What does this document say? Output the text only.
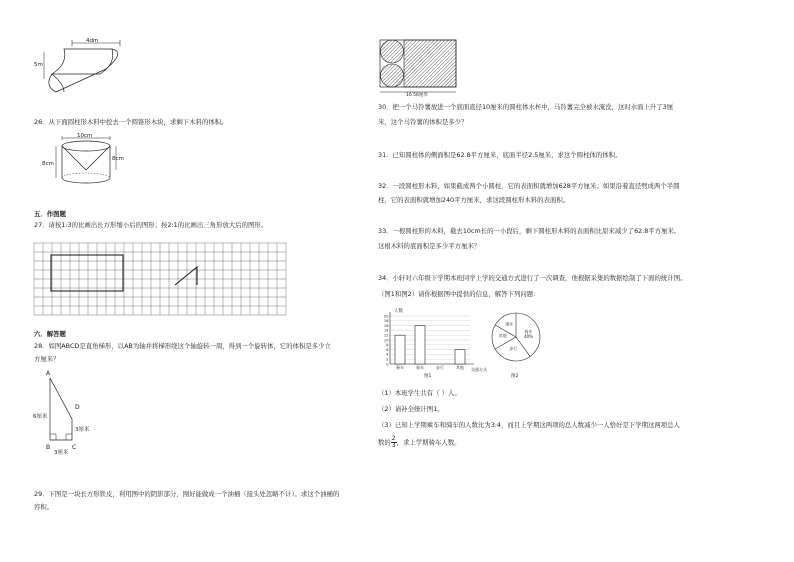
4dm
5m
26．从下面圆柱形木料中挖去一个圆锥形木块，求剩下木料的体积。
10cm
8cm
8cm
五．作图题
27．请按1:3的比画出长方形缩小后的图形；按2:1的比画出三角形放大后的图形。
六．解答题
28．如图ABCD是直角梯形，以AB为轴并将梯形绕这个轴旋转一周，得到一个旋转体，它的体积是多少立
方厘米？
A
B	C
D
6厘米
3厘米
3厘米
29．下图是一块长方形铁皮，利用图中的阴影部分，刚好能做成一个油桶（接头处忽略不计）。求这个油桶的
容积。
16.56厘米
30．把一个马铃薯放进一个底面直径10厘米的圆柱体水杯中，马铃薯完全被水淹没，这时水面上升了3厘
米，这个马铃薯的体积是多少？
31．已知圆柱体的侧面积是62.8平方厘米，底面半径2.5厘米，求这个圆柱体的体积。
32．一段圆柱形木料，如果截成两个小圆柱，它的表面积就增加628平方厘米；如果沿着直径劈成两个半圆
柱，它的表面积就增加240平方厘米，求这段圆柱形木料的表面积。
33．一根圆柱形的木料，截去10cm长的一小段后，剩下圆柱形木料的表面积比原来减少了62.8平方厘米。
这根木料的底面积是多少平方厘米？
34．小轩对六年级下学期本班同学上学的交通方式进行了一次调查，他根据采集的数据绘制了下面的统计图。
（图1和图2）请你根据图中提供的信息，解答下列问题：
0
2
4
6
8
10
12
14
16
18
20
乘车	骑车	步行	其他
人数
交通方式
图1
乘车
骑车
40%
步行
其他
图2
（1）本班学生共有（ ）人。
（2）请补全统计图1。
（3）已知上学期乘车和骑车的人数比为3:4，而且上学期这两项的总人数减少一人恰好是下学期这两项总人
数的 $\frac{2}{3}$ ，求上学期骑车人数。
